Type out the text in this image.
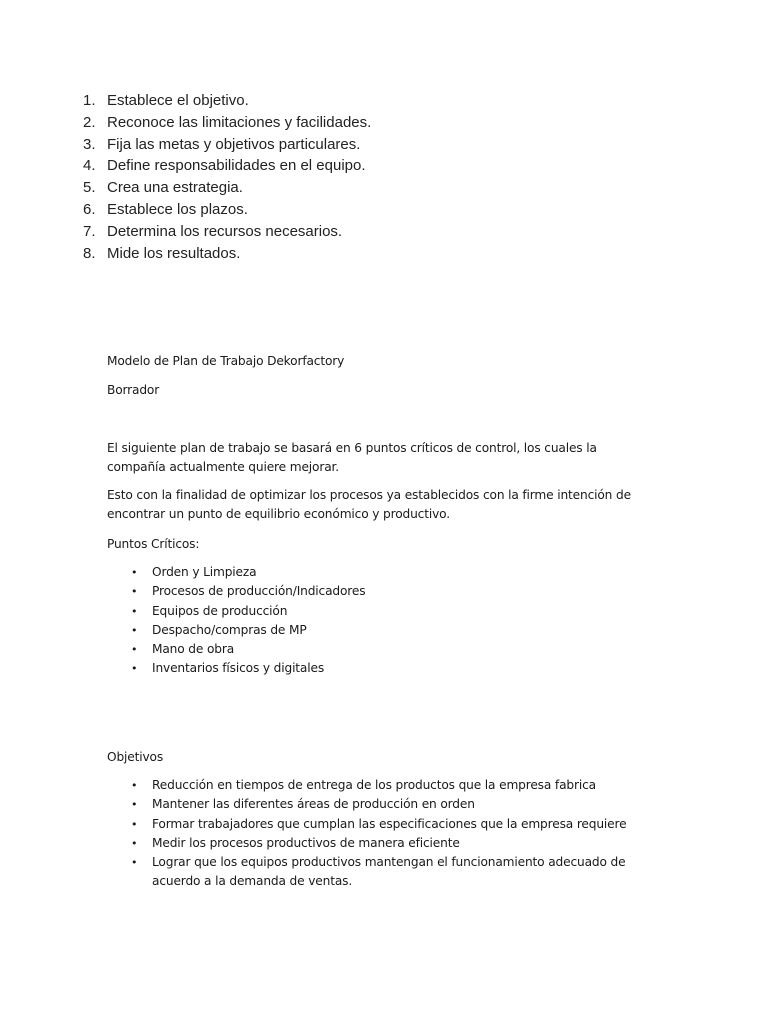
1. Establece el objetivo.
2. Reconoce las limitaciones y facilidades.
3. Fija las metas y objetivos particulares.
4. Define responsabilidades en el equipo.
5. Crea una estrategia.
6. Establece los plazos.
7. Determina los recursos necesarios.
8. Mide los resultados.

Modelo de Plan de Trabajo Dekorfactory

Borrador

El siguiente plan de trabajo se basará en 6 puntos críticos de control, los cuales la compañía actualmente quiere mejorar.

Esto con la finalidad de optimizar los procesos ya establecidos con la firme intención de encontrar un punto de equilibrio económico y productivo.

Puntos Críticos:

•	Orden y Limpieza
•	Procesos de producción/Indicadores
•	Equipos de producción
•	Despacho/compras de MP
•	Mano de obra
•	Inventarios físicos y digitales

Objetivos

•	Reducción en tiempos de entrega de los productos que la empresa fabrica
•	Mantener las diferentes áreas de producción en orden
•	Formar trabajadores que cumplan las especificaciones que la empresa requiere
•	Medir los procesos productivos de manera eficiente
•	Lograr que los equipos productivos mantengan el funcionamiento adecuado de acuerdo a la demanda de ventas.
